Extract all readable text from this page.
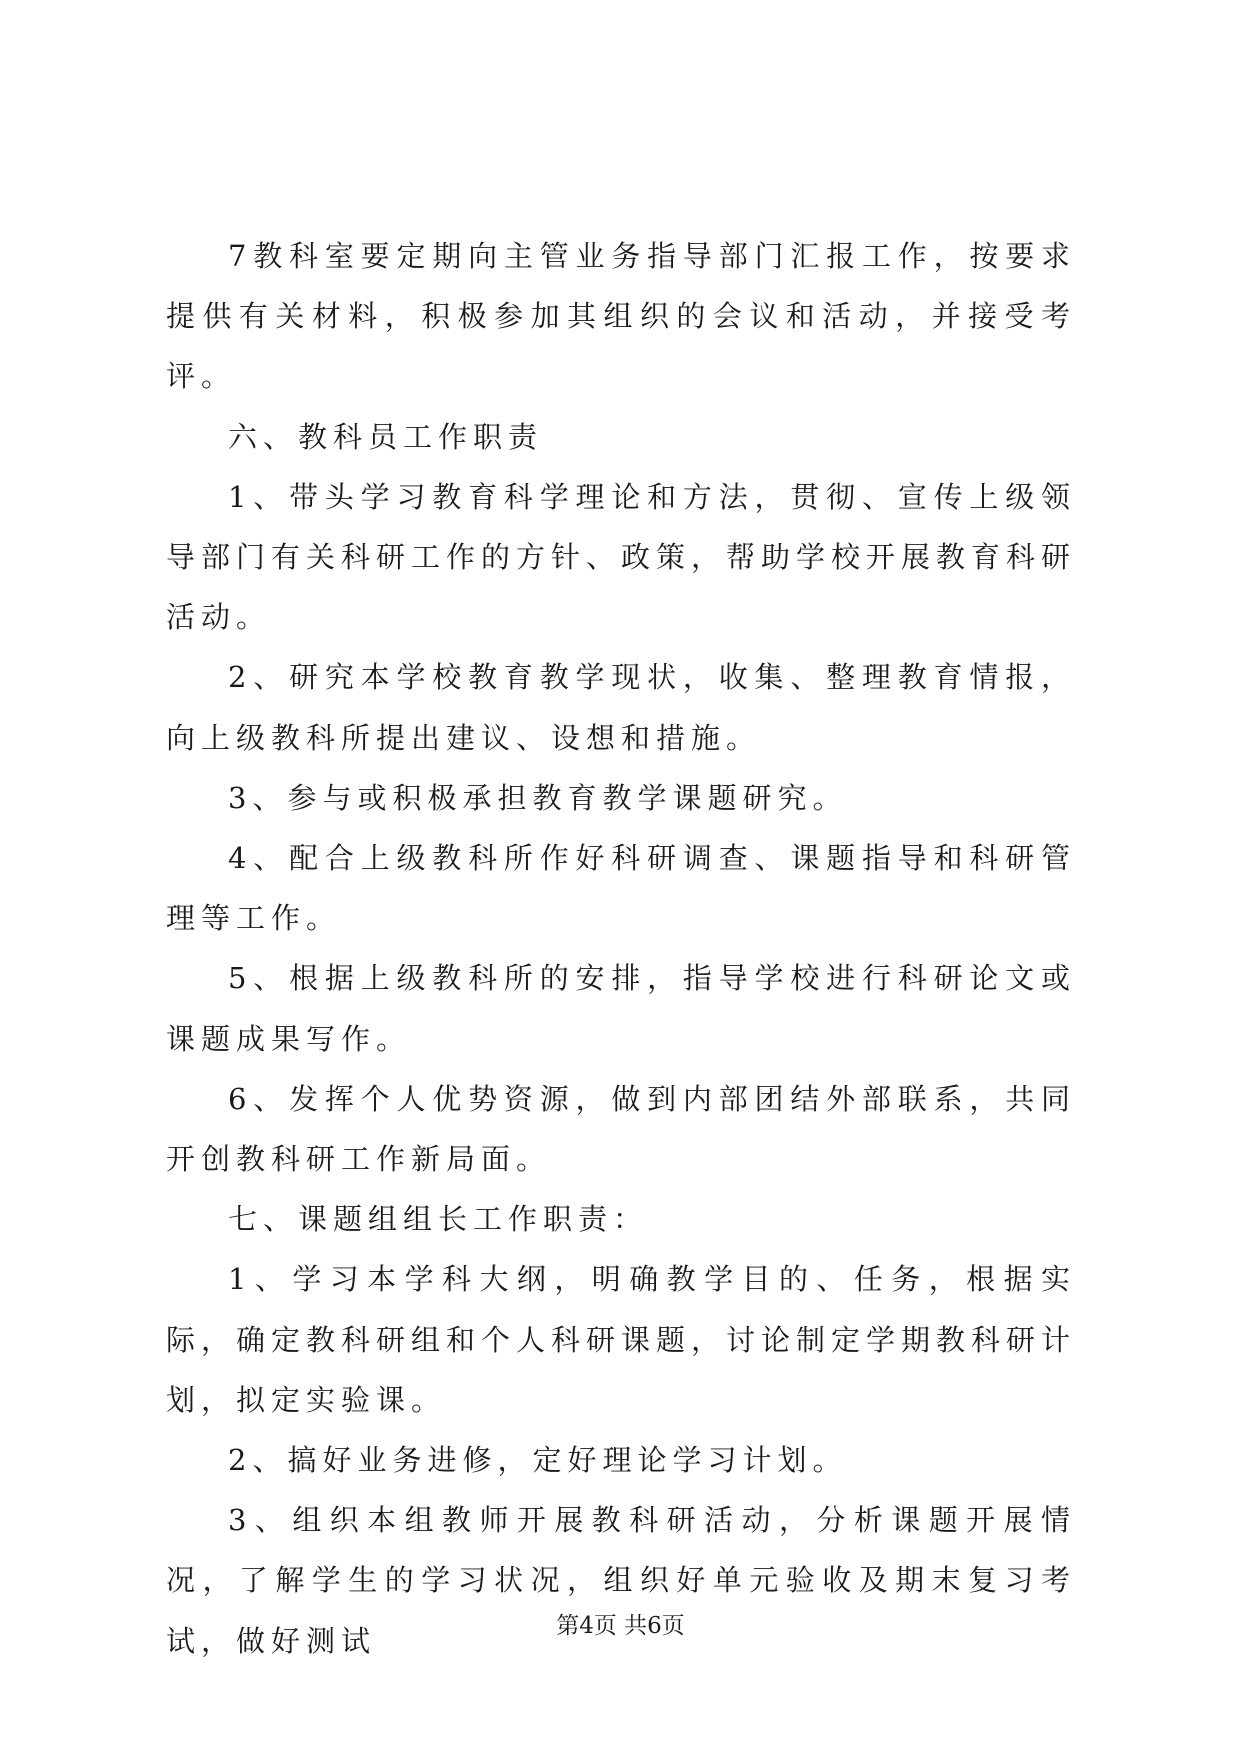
7教科室要定期向主管业务指导部门汇报工作，按要求提供有关材料，积极参加其组织的会议和活动，并接受考评。

六、教科员工作职责

1、带头学习教育科学理论和方法，贯彻、宣传上级领导部门有关科研工作的方针、政策，帮助学校开展教育科研活动。

2、研究本学校教育教学现状，收集、整理教育情报，向上级教科所提出建议、设想和措施。

3、参与或积极承担教育教学课题研究。

4、配合上级教科所作好科研调查、课题指导和科研管理等工作。

5、根据上级教科所的安排，指导学校进行科研论文或课题成果写作。

6、发挥个人优势资源，做到内部团结外部联系，共同开创教科研工作新局面。

七、课题组组长工作职责：

1、学习本学科大纲，明确教学目的、任务，根据实际，确定教科研组和个人科研课题，讨论制定学期教科研计划，拟定实验课。

2、搞好业务进修，定好理论学习计划。

3、组织本组教师开展教科研活动，分析课题开展情况，了解学生的学习状况，组织好单元验收及期末复习考试，做好测试	第4页 共6页
